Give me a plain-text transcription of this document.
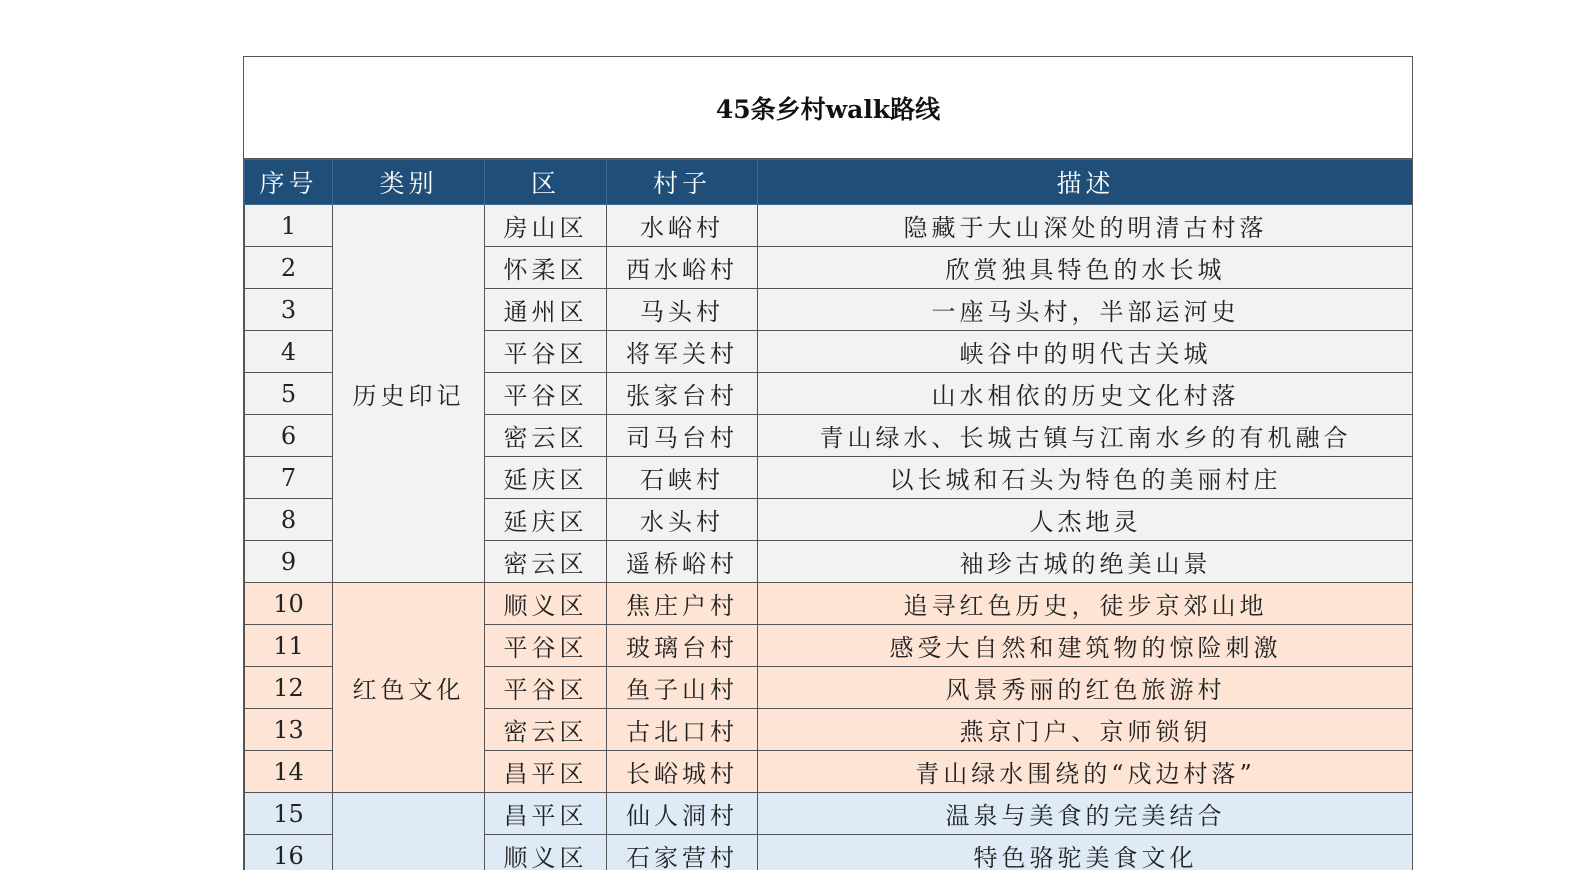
45条乡村walk路线
序号	类别	区	村子	描述
1	历史印记	房山区	水峪村	隐藏于大山深处的明清古村落
2		怀柔区	西水峪村	欣赏独具特色的水长城
3		通州区	马头村	一座马头村，半部运河史
4		平谷区	将军关村	峡谷中的明代古关城
5		平谷区	张家台村	山水相依的历史文化村落
6		密云区	司马台村	青山绿水、长城古镇与江南水乡的有机融合
7		延庆区	石峡村	以长城和石头为特色的美丽村庄
8		延庆区	水头村	人杰地灵
9		密云区	遥桥峪村	袖珍古城的绝美山景
10	红色文化	顺义区	焦庄户村	追寻红色历史，徒步京郊山地
11		平谷区	玻璃台村	感受大自然和建筑物的惊险刺激
12		平谷区	鱼子山村	风景秀丽的红色旅游村
13		密云区	古北口村	燕京门户、京师锁钥
14		昌平区	长峪城村	青山绿水围绕的“戍边村落”
15		昌平区	仙人洞村	温泉与美食的完美结合
16		顺义区	石家营村	特色骆驼美食文化
